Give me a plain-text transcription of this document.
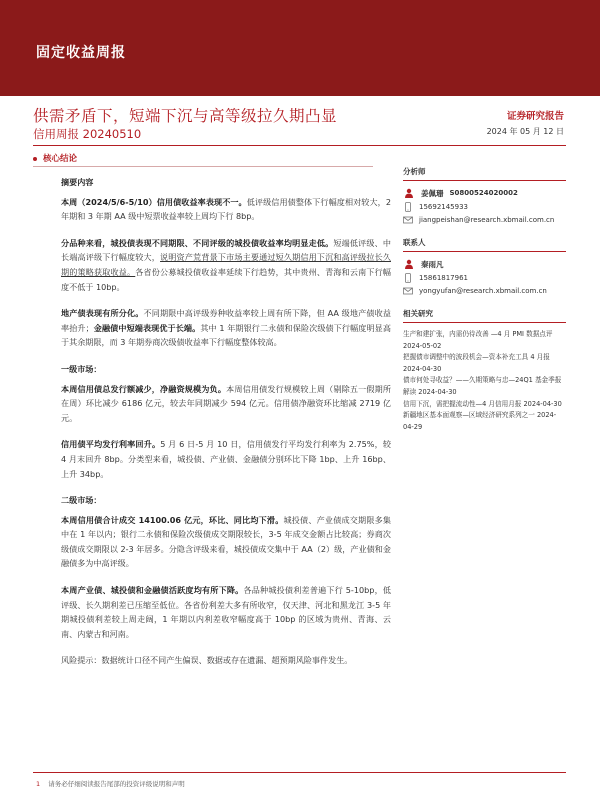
固定收益周报
供需矛盾下，短端下沉与高等级拉久期凸显
信用周报 20240510
证券研究报告
2024 年 05 月 12 日
核心结论
摘要内容

本周（2024/5/6-5/10）信用债收益率表现不一。低评级信用债整体下行幅度相对较大，2 年期和 3 年期 AA 级中短票收益率较上周均下行 8bp。

分品种来看，城投债表现不同期限、不同评级的城投债收益率均明显走低。短端低评级、中长端高评级下行幅度较大，说明资产荒背景下市场主要通过短久期信用下沉和高评级拉长久期的策略获取收益。各省份公募城投债收益率延续下行趋势，其中贵州、青海和云南下行幅度不低于 10bp。

地产债表现有所分化。不同期限中高评级券种收益率较上周有所下降，但 AA 级地产债收益率抬升；金融债中短端表现优于长端。其中 1 年期银行二永债和保险次级债下行幅度明显高于其余期限，而 3 年期券商次级债收益率下行幅度整体较高。

一级市场：

本周信用债总发行额减少，净融资规模为负。本周信用债发行规模较上周（剔除五一假期所在周）环比减少 6186 亿元，较去年同期减少 594 亿元。信用债净融资环比缩减 2719 亿元。

信用债平均发行利率回升。5 月 6 日-5 月 10 日，信用债发行平均发行利率为 2.75%，较 4 月末回升 8bp。分类型来看，城投债、产业债、金融债分别环比下降 1bp、上升 16bp、上升 34bp。

二级市场：

本周信用债合计成交 14100.06 亿元，环比、同比均下滑。城投债、产业债成交期限多集中在 1 年以内；银行二永债和保险次级债成交期限较长，3-5 年成交金额占比较高；券商次级债成交期限以 2-3 年居多。分隐含评级来看，城投债成交集中于 AA（2）级，产业债和金融债多为中高评级。

本周产业债、城投债和金融债活跃度均有所下降。各品种城投债利差普遍下行 5-10bp，低评级、长久期利差已压缩至低位。各省份利差大多有所收窄，仅天津、河北和黑龙江 3-5 年期城投债利差较上周走阔，1 年期以内利差收窄幅度高于 10bp 的区域为贵州、青海、云南、内蒙古和河南。

风险提示：数据统计口径不同产生偏误、数据或存在遗漏、超预期风险事件发生。

分析师
姜佩珊 S0800524020002
15692145933
jiangpeishan@research.xbmail.com.cn
联系人
秦雨凡
15861817961
yongyufan@research.xbmail.com.cn
相关研究
生产和建扩张，内需仍待改善 —4 月 PMI 数据点评 2024-05-02
把握债市调整中的波段机会—资本补充工具 4 月报 2024-04-30
债市何处寻收益？——久期策略与忠—24Q1 基金季报解读 2024-04-30
信用下沉，需把握流动性—4 月信用月报 2024-04-30
新疆地区基本面观察—区域经济研究系列之一 2024-04-29
1 请务必仔细阅读报告尾部的投资评级说明和声明
